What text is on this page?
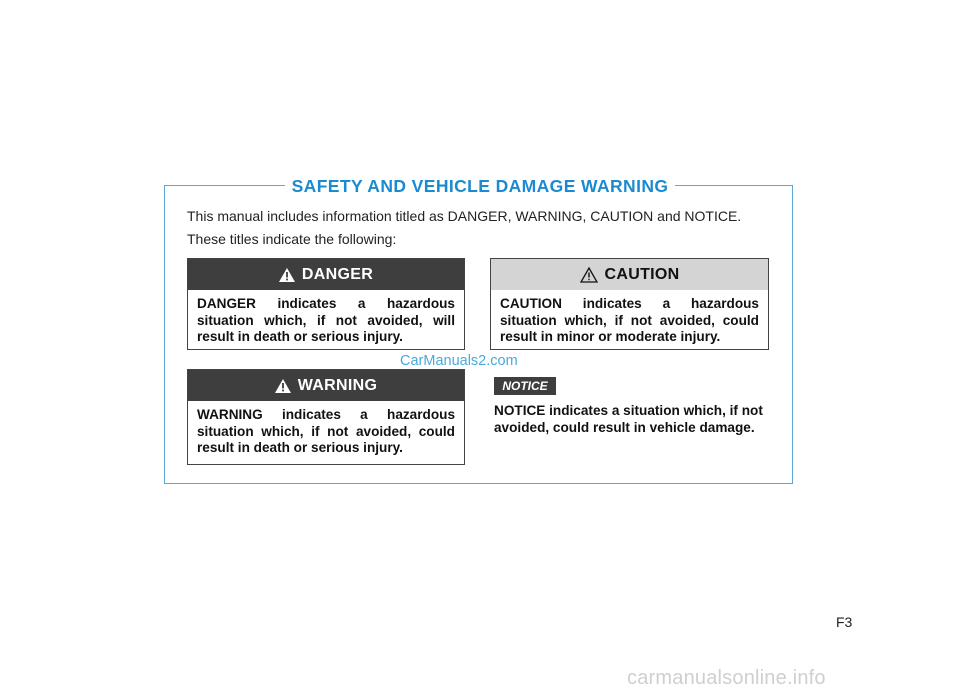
SAFETY AND VEHICLE DAMAGE WARNING
This manual includes information titled as DANGER, WARNING, CAUTION and NOTICE.
These titles indicate the following:
DANGER
DANGER indicates a hazardous situation which, if not avoided, will result in death or serious injury.
CAUTION
CAUTION indicates a hazardous situation which, if not avoided, could result in minor or moderate injury.
CarManuals2.com
WARNING
WARNING indicates a hazardous situation which, if not avoided, could result in death or serious injury.
NOTICE
NOTICE indicates a situation which, if not avoided, could result in vehicle damage.
F3
carmanualsonline.info
